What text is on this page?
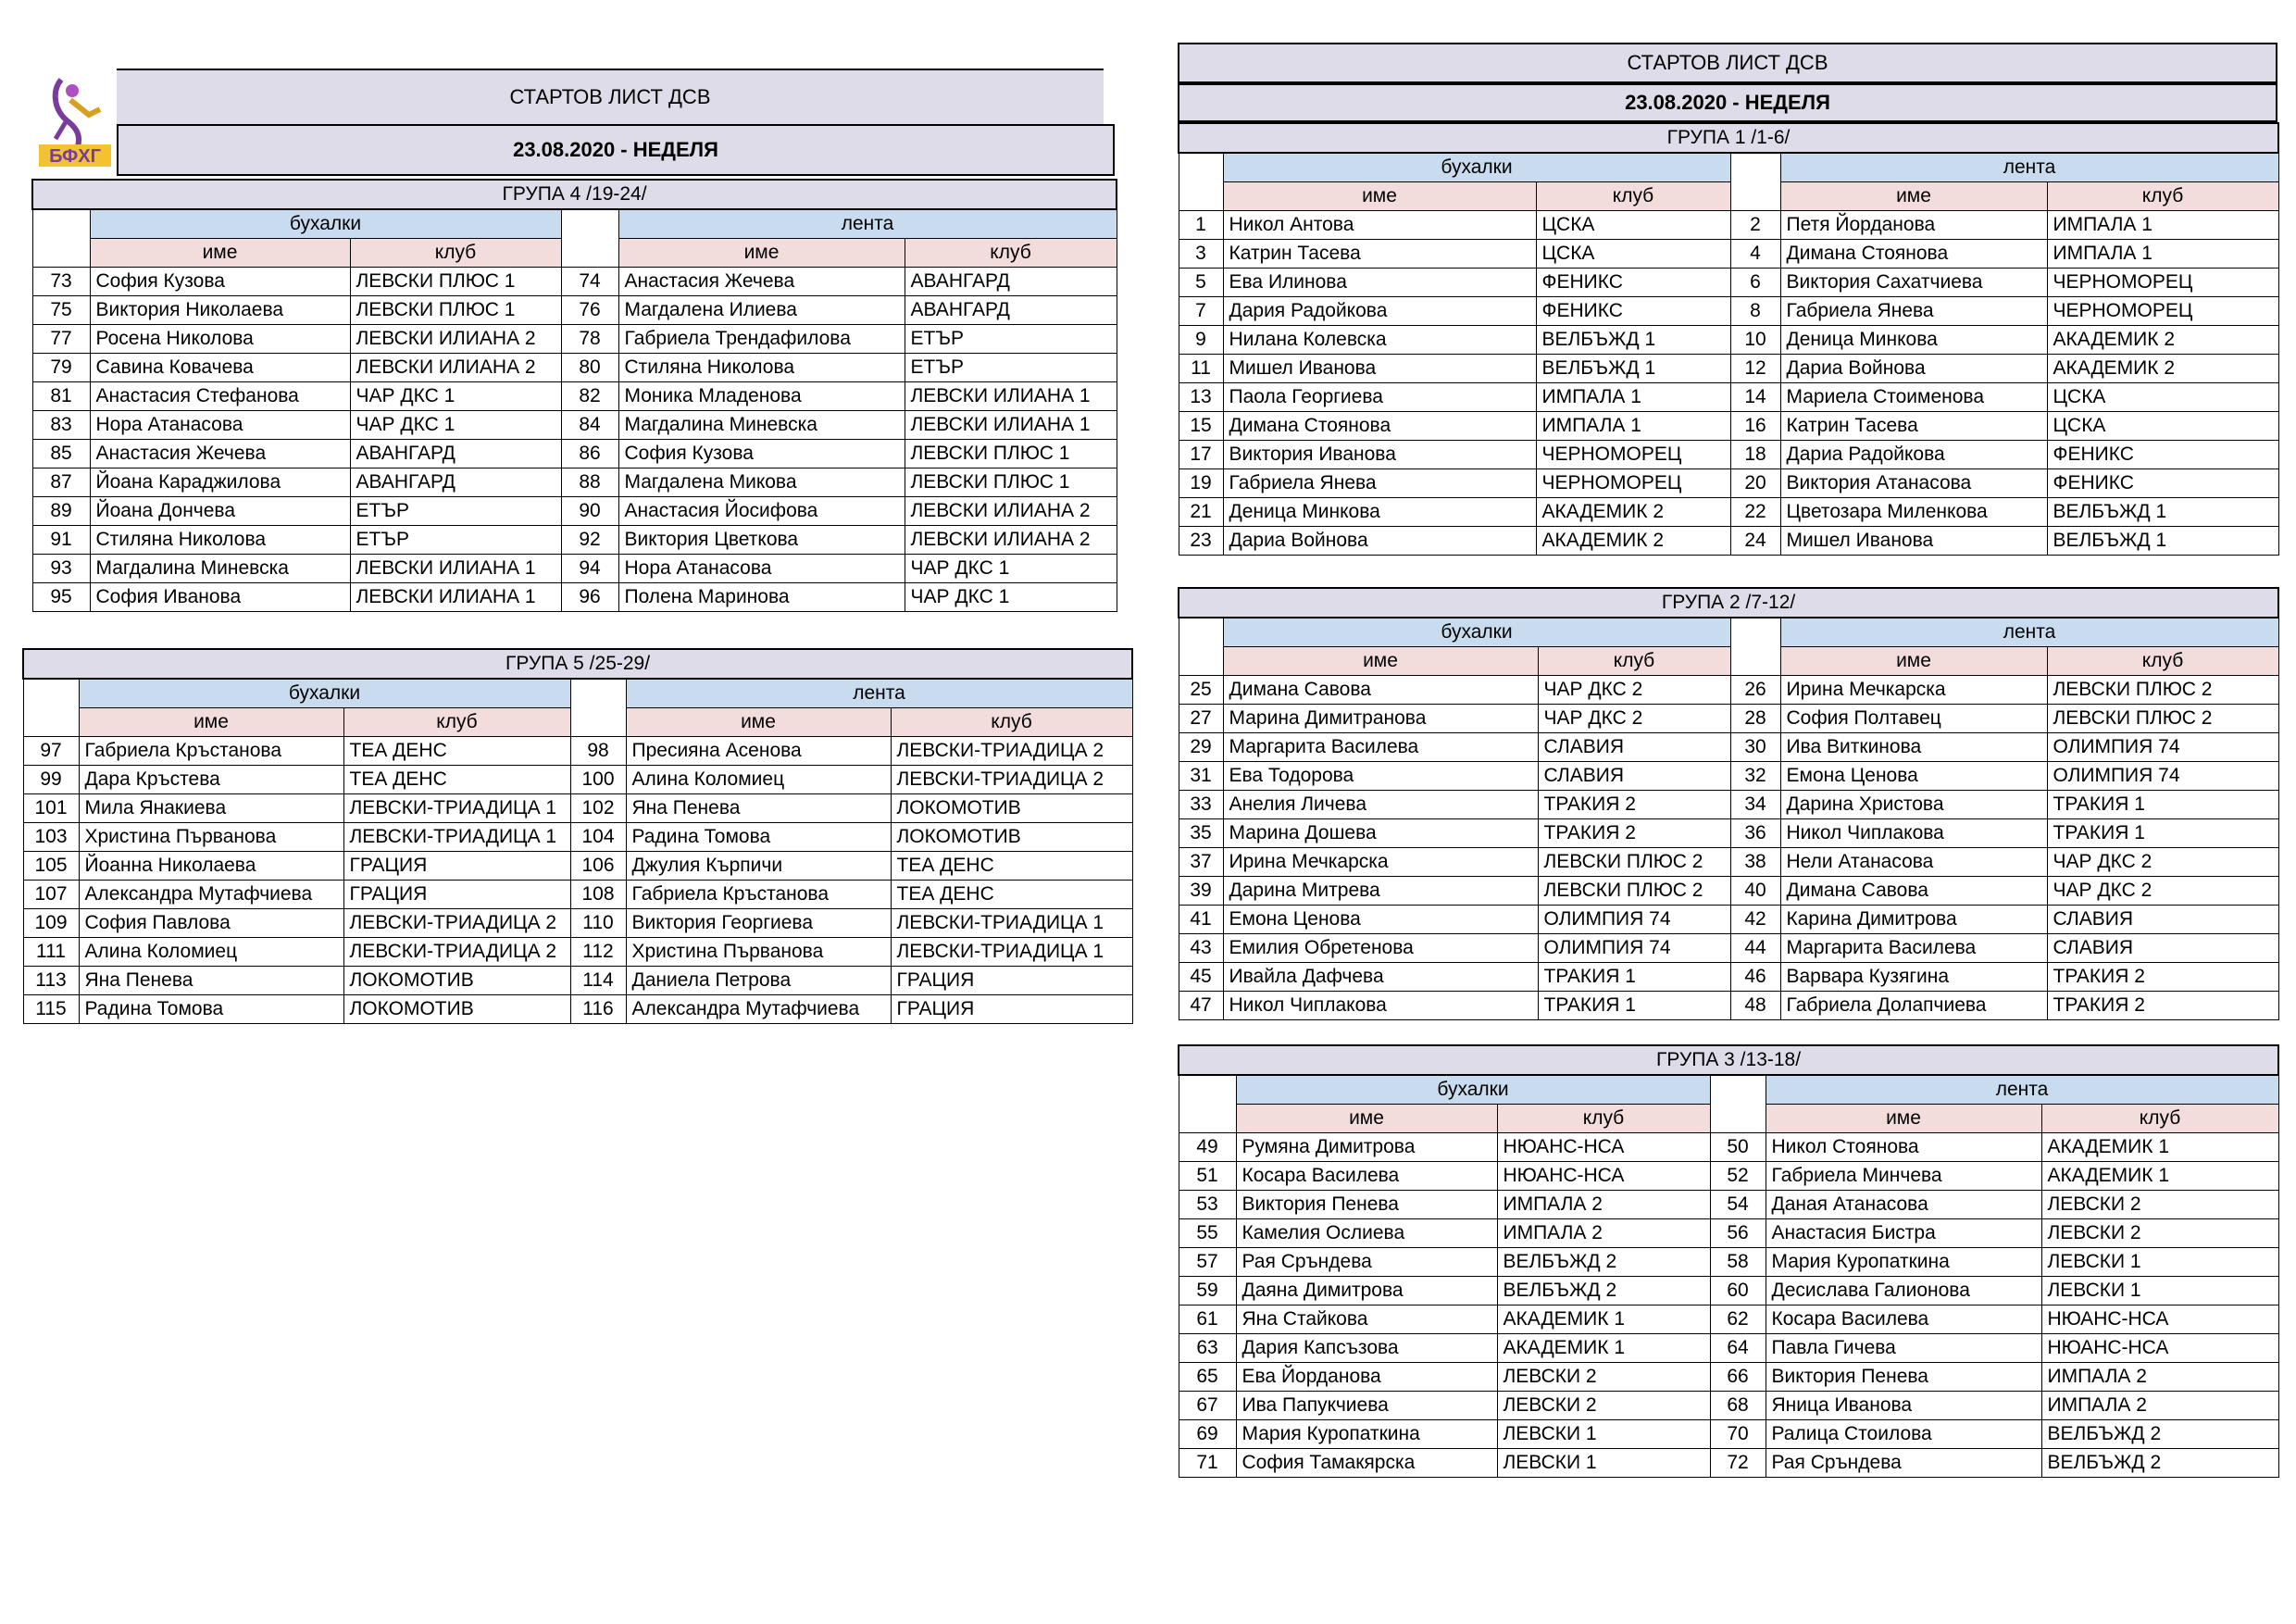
БФХГ
СТАРТОВ ЛИСТ ДСВ
23.08.2020 - НЕДЕЛЯ
СТАРТОВ ЛИСТ ДСВ
23.08.2020 - НЕДЕЛЯ
ГРУПА 4 /19-24/					
	бухалки			лента	
	име	клуб		име	клуб
73	София Кузова	ЛЕВСКИ ПЛЮС 1	74	Анастасия Жечева	АВАНГАРД
75	Виктория Николаева	ЛЕВСКИ ПЛЮС 1	76	Магдалена Илиева	АВАНГАРД
77	Росена Николова	ЛЕВСКИ ИЛИАНА 2	78	Габриела Трендафилова	ЕТЪР
79	Савина Ковачева	ЛЕВСКИ ИЛИАНА 2	80	Стиляна Николова	ЕТЪР
81	Анастасия Стефанова	ЧАР ДКС 1	82	Моника Младенова	ЛЕВСКИ ИЛИАНА 1
83	Нора Атанасова	ЧАР ДКС 1	84	Магдалина Миневска	ЛЕВСКИ ИЛИАНА 1
85	Анастасия Жечева	АВАНГАРД	86	София Кузова	ЛЕВСКИ ПЛЮС 1
87	Йоана Караджилова	АВАНГАРД	88	Магдалена Микова	ЛЕВСКИ ПЛЮС 1
89	Йоана Дончева	ЕТЪР	90	Анастасия Йосифова	ЛЕВСКИ ИЛИАНА 2
91	Стиляна Николова	ЕТЪР	92	Виктория Цветкова	ЛЕВСКИ ИЛИАНА 2
93	Магдалина Миневска	ЛЕВСКИ ИЛИАНА 1	94	Нора Атанасова	ЧАР ДКС 1
95	София Иванова	ЛЕВСКИ ИЛИАНА 1	96	Полена Маринова	ЧАР ДКС 1
ГРУПА 5 /25-29/					
	бухалки			лента	
	име	клуб		име	клуб
97	Габриела Кръстанова	ТЕА ДЕНС	98	Пресияна Асенова	ЛЕВСКИ-ТРИАДИЦА 2
99	Дара Кръстева	ТЕА ДЕНС	100	Алина Коломиец	ЛЕВСКИ-ТРИАДИЦА 2
101	Мила Янакиева	ЛЕВСКИ-ТРИАДИЦА 1	102	Яна Пенева	ЛОКОМОТИВ
103	Христина Първанова	ЛЕВСКИ-ТРИАДИЦА 1	104	Радина Томова	ЛОКОМОТИВ
105	Йоанна Николаева	ГРАЦИЯ	106	Джулия Кърпичи	ТЕА ДЕНС
107	Александра Мутафчиева	ГРАЦИЯ	108	Габриела Кръстанова	ТЕА ДЕНС
109	София Павлова	ЛЕВСКИ-ТРИАДИЦА 2	110	Виктория Георгиева	ЛЕВСКИ-ТРИАДИЦА 1
111	Алина Коломиец	ЛЕВСКИ-ТРИАДИЦА 2	112	Христина Първанова	ЛЕВСКИ-ТРИАДИЦА 1
113	Яна Пенева	ЛОКОМОТИВ	114	Даниела Петрова	ГРАЦИЯ
115	Радина Томова	ЛОКОМОТИВ	116	Александра Мутафчиева	ГРАЦИЯ
ГРУПА 1 /1-6/					
	бухалки			лента	
	име	клуб		име	клуб
1	Никол Антова	ЦСКА	2	Петя Йорданова	ИМПАЛА 1
3	Катрин Тасева	ЦСКА	4	Димана Стоянова	ИМПАЛА 1
5	Ева Илинова	ФЕНИКС	6	Виктория Сахатчиева	ЧЕРНОМОРЕЦ
7	Дария Радойкова	ФЕНИКС	8	Габриела Янева	ЧЕРНОМОРЕЦ
9	Нилана Колевска	ВЕЛБЪЖД 1	10	Деница Минкова	АКАДЕМИК 2
11	Мишел Иванова	ВЕЛБЪЖД 1	12	Дариа Войнова	АКАДЕМИК 2
13	Паола Георгиева	ИМПАЛА 1	14	Мариела Стоименова	ЦСКА
15	Димана Стоянова	ИМПАЛА 1	16	Катрин Тасева	ЦСКА
17	Виктория Иванова	ЧЕРНОМОРЕЦ	18	Дариа Радойкова	ФЕНИКС
19	Габриела Янева	ЧЕРНОМОРЕЦ	20	Виктория Атанасова	ФЕНИКС
21	Деница Минкова	АКАДЕМИК 2	22	Цветозара Миленкова	ВЕЛБЪЖД 1
23	Дариа Войнова	АКАДЕМИК 2	24	Мишел Иванова	ВЕЛБЪЖД 1
ГРУПА 2 /7-12/					
	бухалки			лента	
	име	клуб		име	клуб
25	Димана Савова	ЧАР ДКС 2	26	Ирина Мечкарска	ЛЕВСКИ ПЛЮС 2
27	Марина Димитранова	ЧАР ДКС 2	28	София Полтавец	ЛЕВСКИ ПЛЮС 2
29	Маргарита Василева	СЛАВИЯ	30	Ива Виткинова	ОЛИМПИЯ 74
31	Ева Тодорова	СЛАВИЯ	32	Емона Ценова	ОЛИМПИЯ 74
33	Анелия Личева	ТРАКИЯ 2	34	Дарина Христова	ТРАКИЯ 1
35	Марина Дошева	ТРАКИЯ 2	36	Никол Чиплакова	ТРАКИЯ 1
37	Ирина Мечкарска	ЛЕВСКИ ПЛЮС 2	38	Нели Атанасова	ЧАР ДКС 2
39	Дарина Митрева	ЛЕВСКИ ПЛЮС 2	40	Димана Савова	ЧАР ДКС 2
41	Емона Ценова	ОЛИМПИЯ 74	42	Карина Димитрова	СЛАВИЯ
43	Емилия Обретенова	ОЛИМПИЯ 74	44	Маргарита Василева	СЛАВИЯ
45	Ивайла Дафчева	ТРАКИЯ 1	46	Варвара Кузягина	ТРАКИЯ 2
47	Никол Чиплакова	ТРАКИЯ 1	48	Габриела Долапчиева	ТРАКИЯ 2
ГРУПА 3 /13-18/					
	бухалки			лента	
	име	клуб		име	клуб
49	Румяна Димитрова	НЮАНС-НСА	50	Никол Стоянова	АКАДЕМИК 1
51	Косара Василева	НЮАНС-НСА	52	Габриела Минчева	АКАДЕМИК 1
53	Виктория Пенева	ИМПАЛА 2	54	Даная Атанасова	ЛЕВСКИ 2
55	Камелия Ослиева	ИМПАЛА 2	56	Анастасия Бистра	ЛЕВСКИ 2
57	Рая Сръндева	ВЕЛБЪЖД 2	58	Мария Куропаткина	ЛЕВСКИ 1
59	Даяна Димитрова	ВЕЛБЪЖД 2	60	Десислава Галионова	ЛЕВСКИ 1
61	Яна Стайкова	АКАДЕМИК 1	62	Косара Василева	НЮАНС-НСА
63	Дария Капсъзова	АКАДЕМИК 1	64	Павла Гичева	НЮАНС-НСА
65	Ева Йорданова	ЛЕВСКИ 2	66	Виктория Пенева	ИМПАЛА 2
67	Ива Папукчиева	ЛЕВСКИ 2	68	Яница Иванова	ИМПАЛА 2
69	Мария Куропаткина	ЛЕВСКИ 1	70	Ралица Стоилова	ВЕЛБЪЖД 2
71	София Тамакярска	ЛЕВСКИ 1	72	Рая Сръндева	ВЕЛБЪЖД 2
